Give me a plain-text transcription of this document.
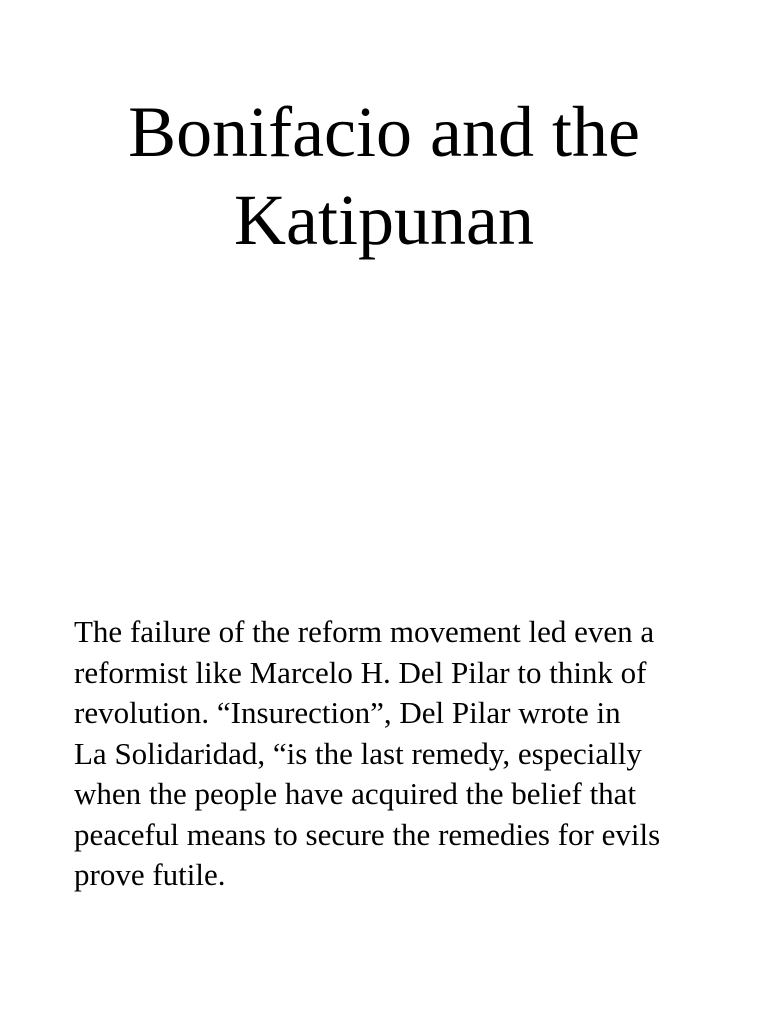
Bonifacio and the
Katipunan

The failure of the reform movement led even a
reformist like Marcelo H. Del Pilar to think of
revolution. “Insurection”, Del Pilar wrote in
La Solidaridad, “is the last remedy, especially
when the people have acquired the belief that
peaceful means to secure the remedies for evils
prove futile.
